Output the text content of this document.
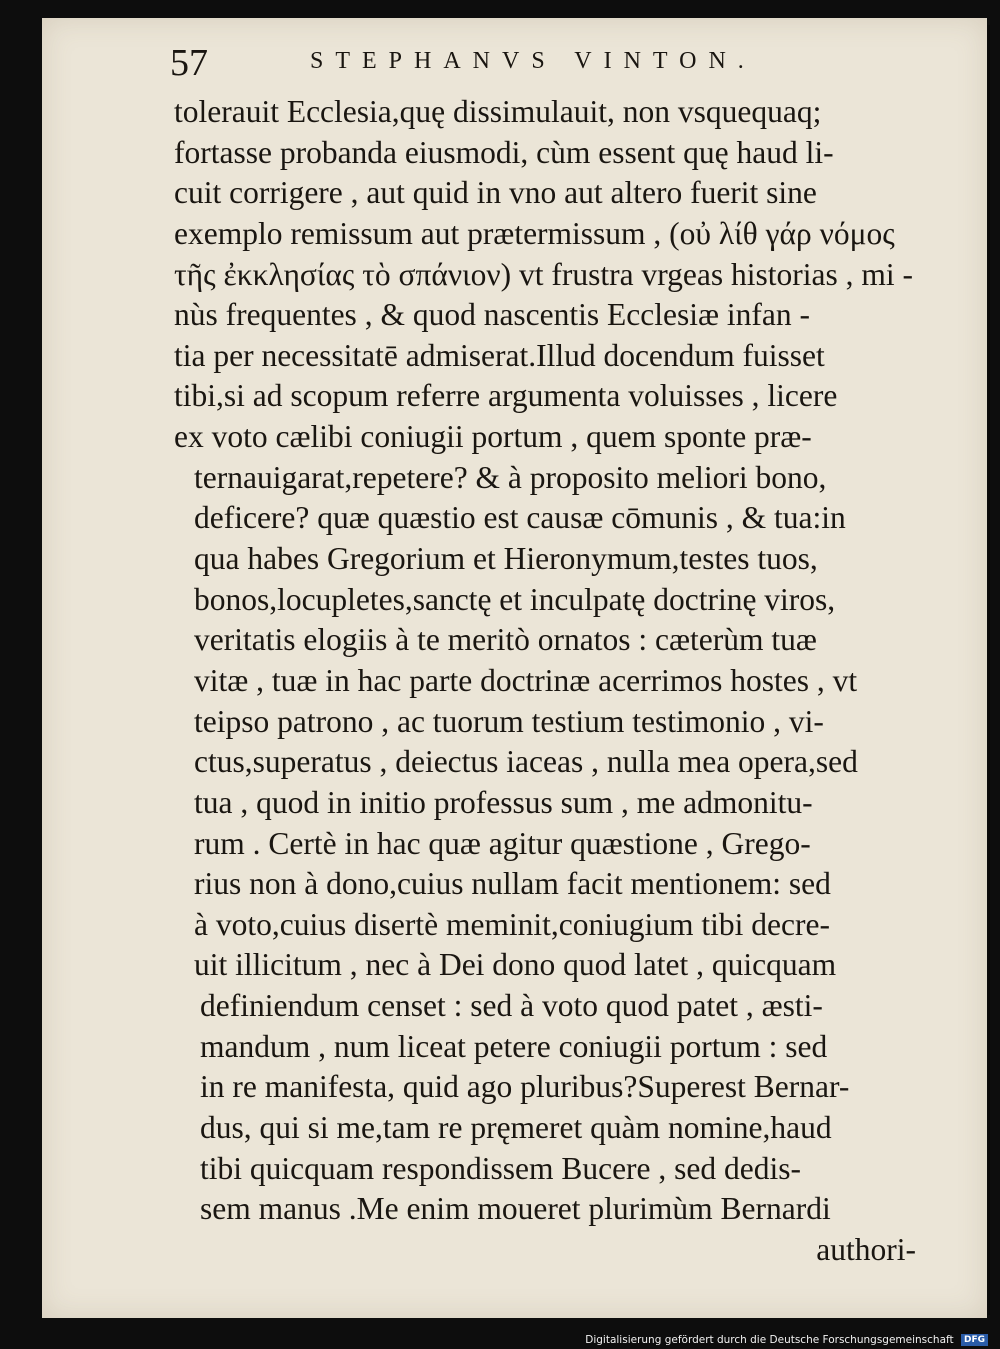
57	STEPHANVS VINTON.
tolerauit Ecclesia,quę dissimulauit, non vsquequaq;
fortasse probanda eiusmodi, cùm essent quę haud li-
cuit corrigere , aut quid in vno aut altero fuerit sine
exemplo remissum aut prætermissum , (οὐ λίθ γάρ νόμος
τῆς ἐκκλησίας τὸ σπάνιον) vt frustra vrgeas historias , mi -
nùs frequentes , & quod nascentis Ecclesiæ infan -
tia per necessitatē admiserat.Illud docendum fuisset
tibi,si ad scopum referre argumenta voluisses , licere
ex voto cælibi coniugii portum , quem sponte præ-
ternauigarat,repetere? & à proposito meliori bono,
deficere? quæ quæstio est causæ cōmunis , & tua:in
qua habes Gregorium et Hieronymum,testes tuos,
bonos,locupletes,sanctę et inculpatę doctrinę viros,
veritatis elogiis à te meritò ornatos : cæterùm tuæ
vitæ , tuæ in hac parte doctrinæ acerrimos hostes , vt
teipso patrono , ac tuorum testium testimonio , vi-
ctus,superatus , deiectus iaceas , nulla mea opera,sed
tua , quod in initio professus sum , me admonitu-
rum . Certè in hac quæ agitur quæstione , Grego-
rius non à dono,cuius nullam facit mentionem: sed
à voto,cuius disertè meminit,coniugium tibi decre-
uit illicitum , nec à Dei dono quod latet , quicquam
definiendum censet : sed à voto quod patet , æsti-
mandum , num liceat petere coniugii portum : sed
in re manifesta, quid ago pluribus?Superest Bernar-
dus, qui si me,tam re pręmeret quàm nomine,haud
tibi quicquam respondissem Bucere , sed dedis-
sem manus .Me enim moueret plurimùm Bernardi
authori-
Digitalisierung gefördert durch die Deutsche Forschungsgemeinschaft DFG
